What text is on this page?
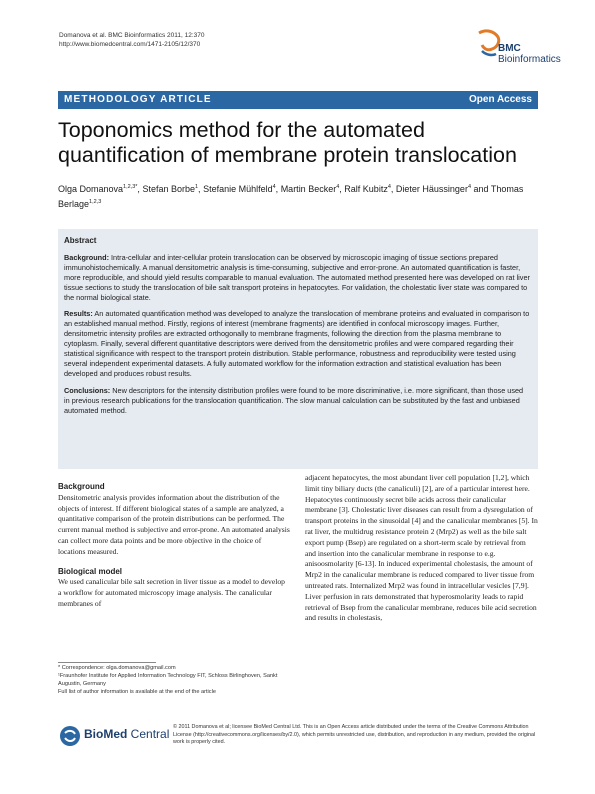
Domanova et al. BMC Bioinformatics 2011, 12:370
http://www.biomedcentral.com/1471-2105/12/370	BMC
Bioinformatics
METHODOLOGY ARTICLE	Open Access
Toponomics method for the automated quantification of membrane protein translocation
Olga Domanova$^{1,2,3*}$, Stefan Borbe$^1$, Stefanie Mühlfeld$^4$, Martin Becker$^4$, Ralf Kubitz$^4$, Dieter Häussinger$^4$ and Thomas Berlage$^{1,2,3}$
Abstract

Background: Intra-cellular and inter-cellular protein translocation can be observed by microscopic imaging of tissue sections prepared immunohistochemically. A manual densitometric analysis is time-consuming, subjective and error-prone. An automated quantification is faster, more reproducible, and should yield results comparable to manual evaluation. The automated method presented here was developed on rat liver tissue sections to study the translocation of bile salt transport proteins in hepatocytes. For validation, the cholestatic liver state was compared to the normal biological state.

Results: An automated quantification method was developed to analyze the translocation of membrane proteins and evaluated in comparison to an established manual method. Firstly, regions of interest (membrane fragments) are identified in confocal microscopy images. Further, densitometric intensity profiles are extracted orthogonally to membrane fragments, following the direction from the plasma membrane to cytoplasm. Finally, several different quantitative descriptors were derived from the densitometric profiles and were compared regarding their statistical significance with respect to the transport protein distribution. Stable performance, robustness and reproducibility were tested using several independent experimental datasets. A fully automated workflow for the information extraction and statistical evaluation has been developed and produces robust results.

Conclusions: New descriptors for the intensity distribution profiles were found to be more discriminative, i.e. more significant, than those used in previous research publications for the translocation quantification. The slow manual calculation can be substituted by the fast and unbiased automated method.

Background

Densitometric analysis provides information about the distribution of the objects of interest. If different biological states of a sample are analyzed, a quantitative comparison of the protein distributions can be performed. The current manual method is subjective and error-prone. An automated analysis can collect more data points and be more objective in the choice of locations measured.

Biological model

We used canalicular bile salt secretion in liver tissue as a model to develop a workflow for automated microscopy image analysis. The canalicular membranes of

adjacent hepatocytes, the most abundant liver cell population [1,2], which limit tiny biliary ducts (the canaliculi) [2], are of a particular interest here. Hepatocytes continuously secret bile acids across their canalicular membrane [3]. Cholestatic liver diseases can result from a dysregulation of transport proteins in the sinusoidal [4] and the canalicular membranes [5]. In rat liver, the multidrug resistance protein 2 (Mrp2) as well as the bile salt export pump (Bsep) are regulated on a short-term scale by retrieval from and insertion into the canalicular membrane in response to e.g. anisoosmolarity [6-13]. In induced experimental cholestasis, the amount of Mrp2 in the canalicular membrane is reduced compared to liver tissue from untreated rats. Internalized Mrp2 was found in intracellular vesicles [7,9]. Liver perfusion in rats demonstrated that hyperosmolarity leads to rapid retrieval of Bsep from the canalicular membrane, reduces bile acid secretion and results in cholestasis,

* Correspondence: olga.domanova@gmail.com
¹Fraunhofer Institute for Applied Information Technology FIT, Schloss Birlinghoven, Sankt Augustin, Germany
Full list of author information is available at the end of the article
BioMed Central © 2011 Domanova et al; licensee BioMed Central Ltd. This is an Open Access article distributed under the terms of the Creative Commons Attribution License (http://creativecommons.org/licenses/by/2.0), which permits unrestricted use, distribution, and reproduction in any medium, provided the original work is properly cited.
